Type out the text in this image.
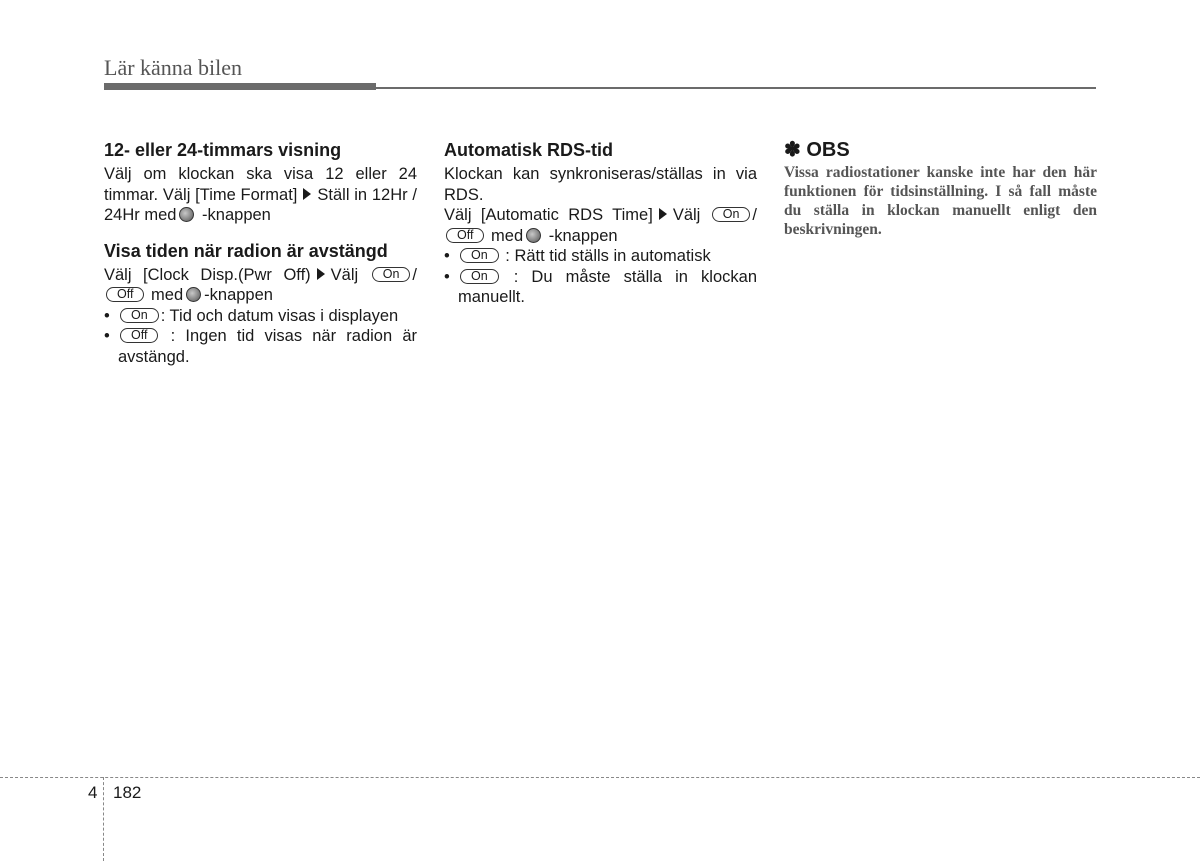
Lär känna bilen
12- eller 24-timmars visning

Välj om klockan ska visa 12 eller 24 timmar. Välj [Time Format] Ställ in 12Hr / 24Hr med -knappen

Visa tiden när radion är avstängd

Välj [Clock Disp.(Pwr Off) Välj On / Off med -knappen

•	On : Tid och datum visas i displayen
•	Off : Ingen tid visas när radion är avstängd.
Automatisk RDS-tid

Klockan kan synkroniseras/ställas in via RDS.

Välj [Automatic RDS Time] Välj On / Off med -knappen

•	On : Rätt tid ställs in automatisk
•	On : Du måste ställa in klockan manuellt.
✽ OBS

Vissa radiostationer kanske inte har den här funktionen för tidsinställning. I så fall måste du ställa in klockan manuellt enligt den beskrivningen.

4 182
